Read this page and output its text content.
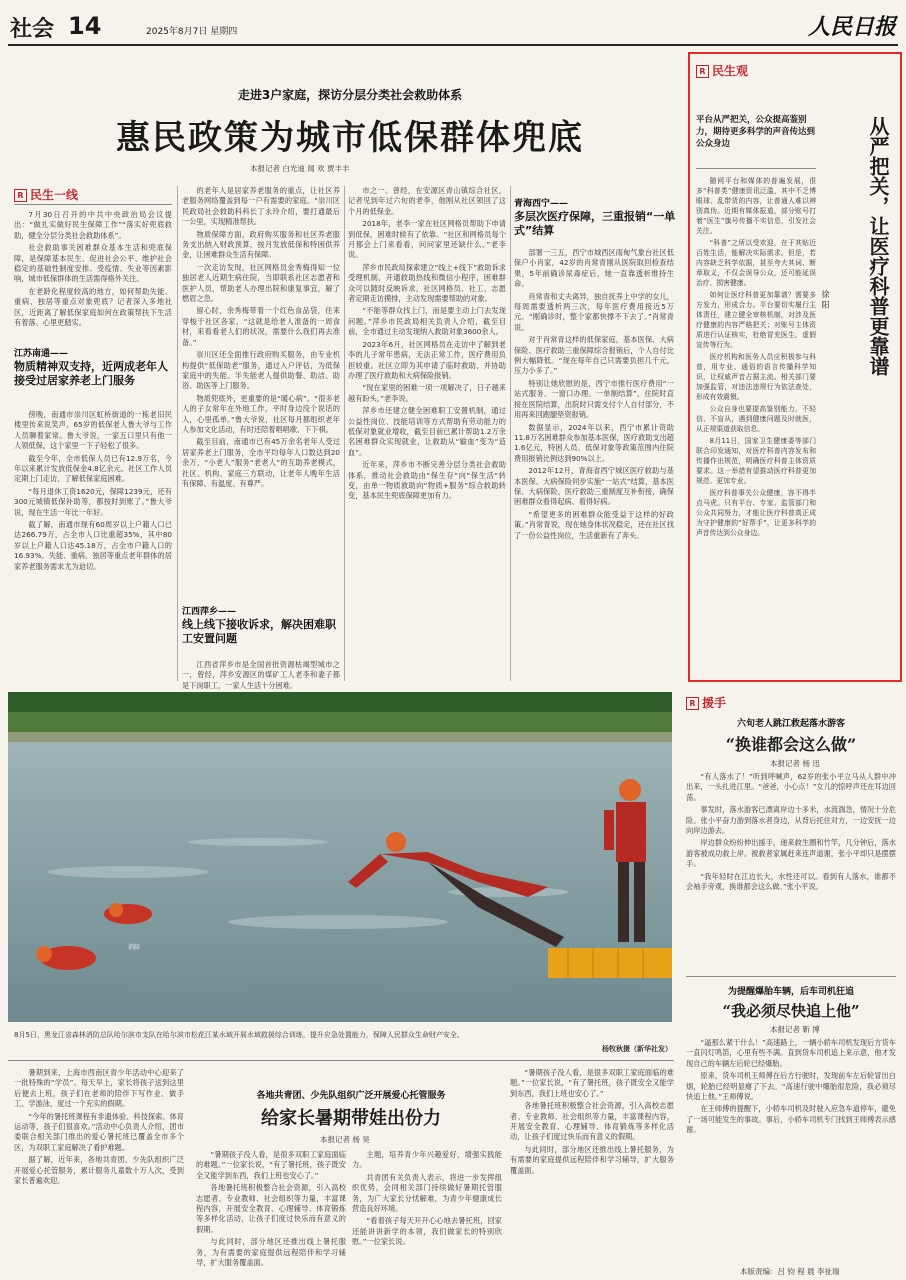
社会 14	2025年8月7日 星期四	人民日报
走进3户家庭，探访分层分类社会救助体系
惠民政策为城市低保群体兜底
本报记者 白光迪 闻 欢 贾丰丰
R 民生一线

7月30日召开的中共中央政治局会议提出：“做扎实做好民生保障工作”“落实好兜底救助，健全分层分类社会救助体系”。

社会救助事关困难群众基本生活和兜底保障，是保障基本民生、促进社会公平、维护社会稳定的基础性制度安排。受疫情、失业等因素影响，城市低保群体的生活需得格外关注。

在老龄化程度较高的地方，如何帮助失能、重病、独居等重点对象兜底？记者深入多地社区，近距离了解低保家庭如何在政策帮扶下生活有着落、心里更踏实。

江苏南通——
物质精神双支持，近两成老年人接受过居家养老上门服务

傍晚，南通市崇川区虹桥街道的一栋老旧民楼里传来说笑声。65岁的低保老人鲁大爷与工作人员聊着家常。鲁大爷说，一家五口里只有他一人领低保，这个家里一下子轻松了很多。

截至今年，全市低保人员已有12.9万名，今年以来累计发放低保金4.8亿余元。社区工作人员定期上门走访，了解低保家庭困难。

“每月退休工资1620元，保障1239元，还有300元城镇低保补助等，都按时到账了。”鲁大爷说，现在生活一年比一年好。

截了解，南通市现有60周岁以上户籍人口已达266.79万，占全市人口比重超35%，其中80岁以上户籍人口达45.18万，占全市户籍人口的16.93%。失能、重病、独居等重点老年群体的居家养老服务需求尤为迫切。

的老年人是居家养老服务的重点，让社区养老服务网络覆盖到每一户有需要的家庭。“崇川区民政局社会救助科科长丁永玲介绍，要打通最后一公里，实现精准帮扶。

物质保障方面，政府购买服务和社区养老服务支出纳入财政预算，按月发放低保和特困供养金，让困难群众生活有保障。

一次走访发现，社区网格员金秀梅得知一位独居老人近期生病住院，当即联系社区志愿者和医护人员，帮助老人办理出院和康复事宜，解了燃眉之急。

留心时，余秀梅带着一个红色食品袋，往来穿梭于社区各家，“这就是给老人准备的一周食材，来看看老人们的状况，需要什么我们再去准备。”

崇川区还全面推行政府购买服务，由专业机构提供“低保助老”服务，通过入户评估，为低保家庭中的失能、半失能老人提供助餐、助洁、助浴、助医等上门服务。

物质兜底外，更重要的是“暖心病”。“很多老人的子女常年在外地工作，平时身边没个说话的人，心里孤单。”鲁大爷说，社区每月都组织老年人参加文化活动，有时还陪着唱唱歌、下下棋。

截至目前，南通市已有45万余名老年人受过居家养老上门服务，全市平均每年人口数达到20余万，“小老人”服务“老老人”的互助养老模式，社区、机构、家庭三方联动，让老年人晚年生活有保障、有温度、有尊严。

江西萍乡——
线上线下接收诉求，解决困难职工安置问题

江西省萍乡市是全国首批资源枯竭型城市之一，曾经，萍乡安源区的煤矿工人老李和妻子都是下岗职工，一家人生活十分困难。

市之一。曾经，在安源区青山镇综合社区，记者见到年过六旬的老李，他刚从社区领回了这个月的低保金。

2018年，老李一家在社区网格员帮助下申请到低保，困难时候有了依靠。“社区和网格员每个月都会上门来看看，问问家里还缺什么。”老李说。

萍乡市民政局探索建立“线上+线下”救助诉求受理机制，开通救助热线和微信小程序，困难群众可以随时反映诉求，社区网格员、社工、志愿者定期走访摸排，主动发现需要帮助的对象。

“不能等群众找上门，而是要主动上门去发现问题。”萍乡市民政局相关负责人介绍，截至目前，全市通过主动发现纳入救助对象3600余人。

2023年6月，社区网格员在走访中了解到老李的儿子常年患病，无法正常工作，医疗费用负担较重。社区立即为其申请了临时救助，并协助办理了医疗救助和大病保险报销。

“现在家里的困难一项一项解决了，日子越来越有盼头。”老李说。

萍乡市还建立健全困难职工安置机制，通过公益性岗位、技能培训等方式帮助有劳动能力的低保对象就业增收，截至目前已累计帮助1.2万余名困难群众实现就业，让救助从“输血”变为“造血”。

近年来，萍乡市不断完善分层分类社会救助体系，推动社会救助由“保生存”向“保生活”转变，由单一物质救助向“物质+服务”综合救助转变，基本民生兜底保障更加有力。

青海西宁——
多层次医疗保障，三重报销“一单式”结算

部署一三五，西宁市城西区雨甸气象台社区低保户小肖家，42岁的肖常青刚从医院取回检查结果，5年前确诊尿毒症后，她一直靠透析维持生命。

肖常青和丈夫离异，独自抚养上中学的女儿，每周需要透析两三次，每年医疗费用接近5万元。“刚确诊时，整个家都快撑不下去了。”肖常青说。

对于肖常青这样的低保家庭，基本医保、大病保险、医疗救助三重保障综合报销后，个人自付比例大幅降低。“现在每年自己只需要负担几千元，压力小多了。”

特别让她欣慰的是，西宁市推行医疗费用“一站式服务、一窗口办理、一单制结算”，住院时直接在医院结算，出院时只需支付个人自付部分，不用再来回跑腿垫资报销。

数据显示，2024年以来，西宁市累计资助11.8万名困难群众参加基本医保，医疗救助支出超1.6亿元，特困人员、低保对象等政策范围内住院费用报销比例达到90%以上。

2012年12月，青海省西宁城区医疗救助与基本医保、大病保险同步实施“一站式”结算，基本医保、大病保险、医疗救助三重制度互补衔接，确保困难群众看得起病、看得好病。

“希望更多的困难群众能受益于这样的好政策。”肖常青说，现在她身体状况稳定，还在社区找了一份公益性岗位，生活重新有了奔头。

R 民生观
平台从严把关，公众提高鉴别力，期待更多科学的声音传达到公众身边	从严把关，让医疗科普更靠谱
徐 阳

随网平台和媒体的普遍发展，很多“科普类”健康资讯泛滥，其中不乏博眼球、乱带货的内容，让普通人难以辨别真伪。近期有媒体报道，部分账号打着“医生”旗号传播不实信息，引发社会关注。

“科普”之所以受欢迎，在于其贴近百姓生活，能解决实际需求。但是，若内容缺乏科学依据，甚至夸大其词、断章取义，不仅会误导公众，还可能延误治疗、损害健康。

如何让医疗科普更加靠谱？需要多方发力，形成合力。平台要切实履行主体责任，建立健全审核机制，对涉及医疗健康的内容严格把关；对账号主体资质进行认证核实，杜绝冒充医生、虚假宣传等行为。

医疗机构和医务人员应积极参与科普，用专业、通俗的语言传播科学知识，让权威声音占据主流。相关部门要加强监管，对违法违规行为依法查处，形成有效震慑。

公众自身也要提高鉴别能力，不轻信、不盲从，遇到健康问题及时就医，从正规渠道获取信息。

8月11日，国家卫生健康委等部门联合印发通知，对医疗科普内容发布和传播作出规范，明确医疗科普主体资质要求。这一举措有望推动医疗科普更加规范、更加专业。

医疗科普事关公众健康，容不得半点马虎。只有平台、专家、监管部门和公众共同努力，才能让医疗科普真正成为守护健康的“好帮手”，让更多科学的声音传达到公众身边。

消防
8月5日，黑龙江省森林消防总队哈尔滨市支队在哈尔滨市松花江某水域开展水域救援综合训练，提升应急处置能力，保障人民群众生命财产安全。
杨牧秋摄（新华社发）
R 援手
六旬老人跳江救起落水游客
“换谁都会这么做”
本报记者 杨 迅

“有人落水了！”听到呼喊声，62岁的张小平立马从人群中冲出来，一头扎进江里。“爸爸，小心点！”女儿的惊呼声还在耳边回荡。

事发时，落水游客已漂离岸边十多米，水流湍急，情况十分危险。张小平奋力游到落水者身边，从背后托住对方，一边安抚一边向岸边游去。

岸边群众纷纷伸出援手，递来救生圈和竹竿，几分钟后，落水游客被成功救上岸。被救者家属赶来连声道谢，张小平却只是摆摆手。

“我年轻时在江边长大，水性还可以。看到有人落水，谁都不会袖手旁观，换谁都会这么做。”张小平说。

为提醒爆胎车辆，后车司机狂追
“我必须尽快追上他”
本报记者 靳 博

“逼那么紧干什么！”高速路上，一辆小轿车司机发现后方货车一直闪灯鸣笛，心里有些不满。直到货车司机追上来示意，他才发现自己的车辆左后轮已经爆胎。

原来，货车司机王师傅在后方行驶时，发现前车左后轮冒出白烟，轮胎已经明显瘪了下去。“高速行驶中爆胎很危险，我必须尽快追上他。”王师傅说。

在王师傅的提醒下，小轿车司机及时驶入应急车道停车，避免了一场可能发生的事故。事后，小轿车司机专门找到王师傅表示感谢。

暑期到来，上海市西南区青少年活动中心迎来了一批特殊的“学员”。每天早上，家长将孩子送到这里后便去上班，孩子们在老师的陪伴下写作业、做手工、学游泳，度过一个充实的假期。

“今年的暑托班课程有非遗体验、科技探索、体育运动等，孩子们很喜欢。”活动中心负责人介绍，团市委联合相关部门推出的爱心暑托班已覆盖全市多个区，为双职工家庭解决了看护难题。

据了解，近年来，各地共青团、少先队组织广泛开展爱心托管服务，累计服务儿童数十万人次，受到家长普遍欢迎。

各地共青团、少先队组织广泛开展爱心托管服务
给家长暑期带娃出份力
本报记者 杨 昊

“暑期孩子没人看，是很多双职工家庭面临的难题。”一位家长说，“有了暑托班，孩子既安全又能学到东西，我们上班也安心了。”

各地暑托班积极整合社会资源，引入高校志愿者、专业教师、社会组织等力量，丰富课程内容，开展安全教育、心理辅导、体育锻炼等多样化活动，让孩子们度过快乐而有意义的假期。

与此同时，部分地区还推出线上暑托服务，为有需要的家庭提供远程陪伴和学习辅导，扩大服务覆盖面。

主题，培养青少年兴趣爱好，增强实践能力。

共青团有关负责人表示，将进一步发挥组织优势，会同相关部门持续做好暑期托管服务，为广大家长分忧解难，为青少年健康成长营造良好环境。

“看着孩子每天开开心心地去暑托班，回家还能讲讲新学的本领，我们做家长的特别欣慰。”一位家长说。

“暑期孩子没人看，是很多双职工家庭面临的难题。”一位家长说，“有了暑托班，孩子既安全又能学到东西，我们上班也安心了。”

各地暑托班积极整合社会资源，引入高校志愿者、专业教师、社会组织等力量，丰富课程内容，开展安全教育、心理辅导、体育锻炼等多样化活动，让孩子们度过快乐而有意义的假期。

与此同时，部分地区还推出线上暑托服务，为有需要的家庭提供远程陪伴和学习辅导，扩大服务覆盖面。

本版责编：吕 钧 程 晨 李祉瑞
